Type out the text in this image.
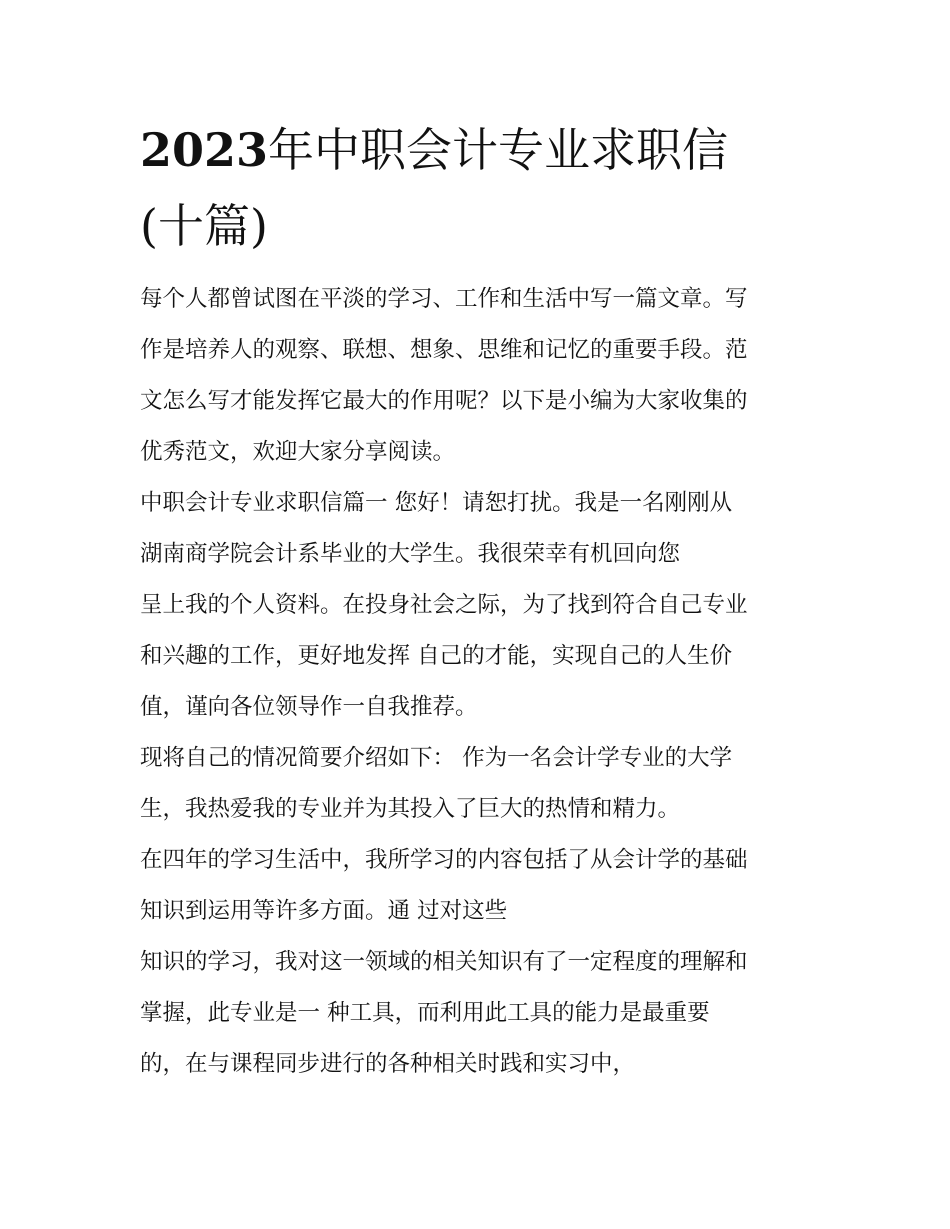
2023年中职会计专业求职信
(十篇)
每个人都曾试图在平淡的学习、工作和生活中写一篇文章。写
作是培养人的观察、联想、想象、思维和记忆的重要手段。范
文怎么写才能发挥它最大的作用呢？以下是小编为大家收集的
优秀范文，欢迎大家分享阅读。
中职会计专业求职信篇一 您好！请恕打扰。我是一名刚刚从
湖南商学院会计系毕业的大学生。我很荣幸有机回向您
呈上我的个人资料。在投身社会之际，为了找到符合自己专业
和兴趣的工作，更好地发挥 自己的才能，实现自己的人生价
值，谨向各位领导作一自我推荐。
现将自己的情况简要介绍如下： 作为一名会计学专业的大学
生，我热爱我的专业并为其投入了巨大的热情和精力。
在四年的学习生活中，我所学习的内容包括了从会计学的基础
知识到运用等许多方面。通 过对这些
知识的学习，我对这一领域的相关知识有了一定程度的理解和
掌握，此专业是一 种工具，而利用此工具的能力是最重要
的，在与课程同步进行的各种相关时践和实习中，
